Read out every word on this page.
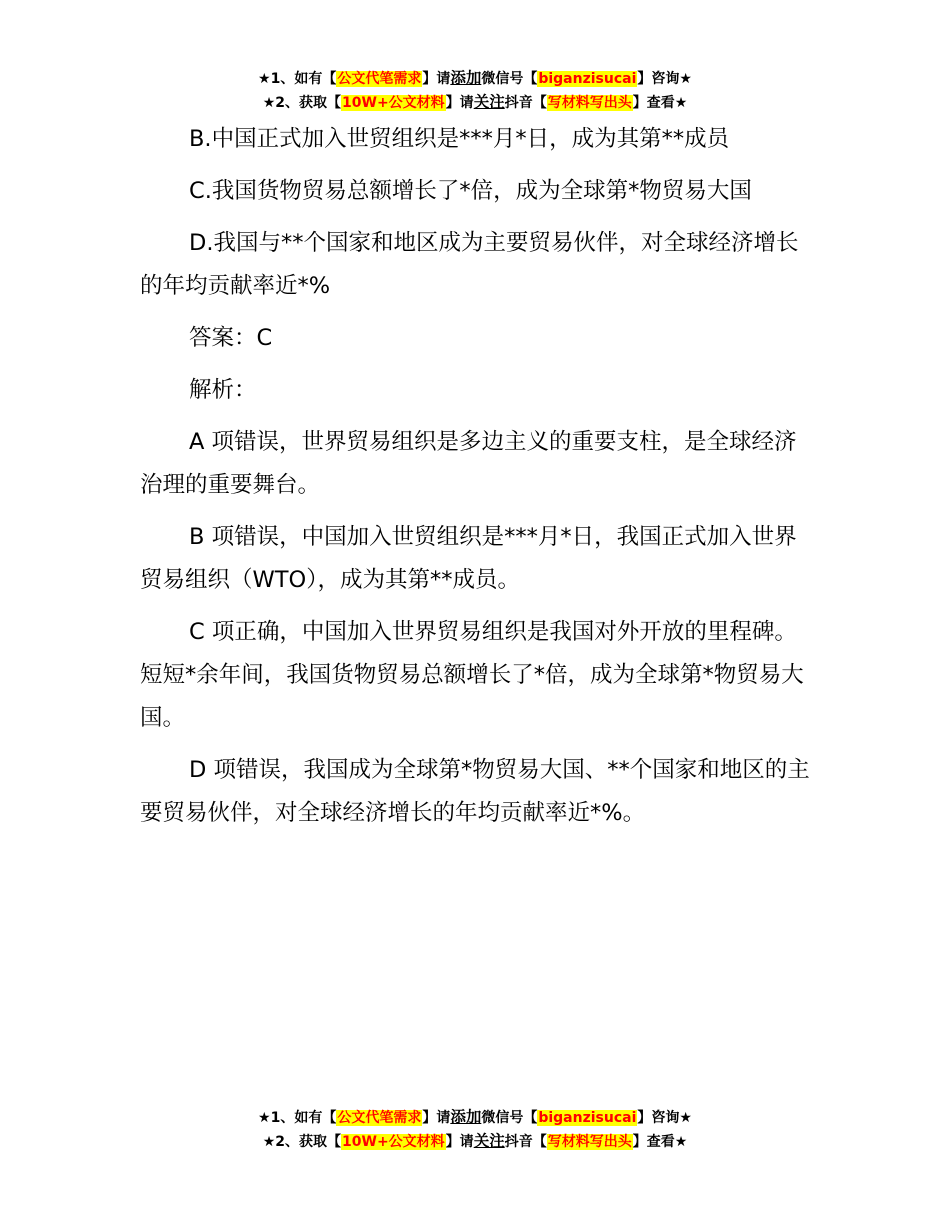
★1、如有【公文代笔需求】请添加微信号【biganzisucai】咨询★
★2、获取【10W+公文材料】请关注抖音【写材料写出头】查看★

B.中国正式加入世贸组织是***月*日，成为其第**成员

C.我国货物贸易总额增长了*倍，成为全球第*物贸易大国

D.我国与**个国家和地区成为主要贸易伙伴，对全球经济增长的年均贡献率近*%

答案：C

解析：

A 项错误，世界贸易组织是多边主义的重要支柱，是全球经济治理的重要舞台。

B 项错误，中国加入世贸组织是***月*日，我国正式加入世界贸易组织（WTO），成为其第**成员。

C 项正确，中国加入世界贸易组织是我国对外开放的里程碑。短短*余年间，我国货物贸易总额增长了*倍，成为全球第*物贸易大国。

D 项错误，我国成为全球第*物贸易大国、**个国家和地区的主要贸易伙伴，对全球经济增长的年均贡献率近*%。

★1、如有【公文代笔需求】请添加微信号【biganzisucai】咨询★
★2、获取【10W+公文材料】请关注抖音【写材料写出头】查看★
